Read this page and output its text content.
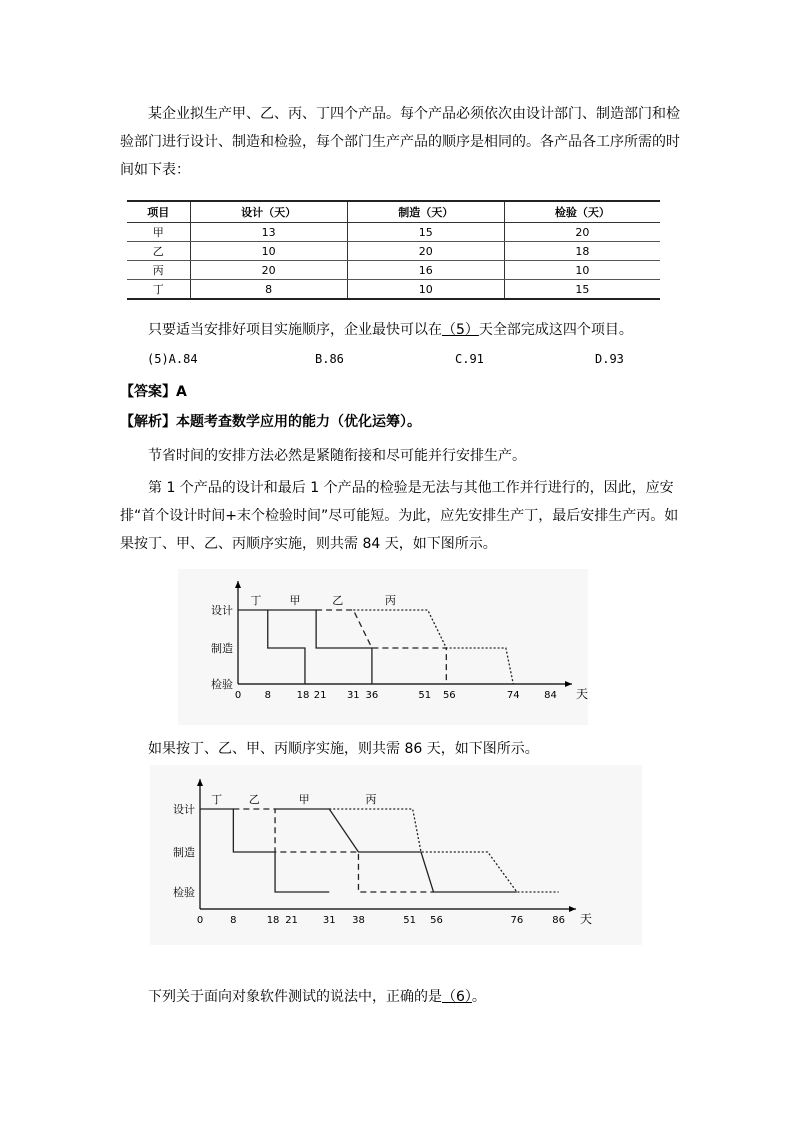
某企业拟生产甲、乙、丙、丁四个产品。每个产品必须依次由设计部门、制造部门和检验部门进行设计、制造和检验，每个部门生产产品的顺序是相同的。各产品各工序所需的时间如下表：

项目	设计（天）	制造（天）	检验（天）
甲	13	15	20
乙	10	20	18
丙	20	16	10
丁	8	10	15

只要适当安排好项目实施顺序，企业最快可以在（5）天全部完成这四个项目。

(5)A.84	B.86	C.91	D.93

【答案】A

【解析】本题考查数学应用的能力（优化运筹）。

节省时间的安排方法必然是紧随衔接和尽可能并行安排生产。

第 1 个产品的设计和最后 1 个产品的检验是无法与其他工作并行进行的，因此，应安排“首个设计时间+末个检验时间”尽可能短。为此，应先安排生产丁，最后安排生产丙。如果按丁、甲、乙、丙顺序实施，则共需 84 天，如下图所示。

天
设计
制造
检验
0 8	18 21 31 36	51 56	74 84
丁	甲	乙	丙

如果按丁、乙、甲、丙顺序实施，则共需 86 天，如下图所示。

天
设计
制造
检验
0	8	18 21 31 38	51 56	76	86
丁 乙	甲	丙

下列关于面向对象软件测试的说法中，正确的是（6）。
